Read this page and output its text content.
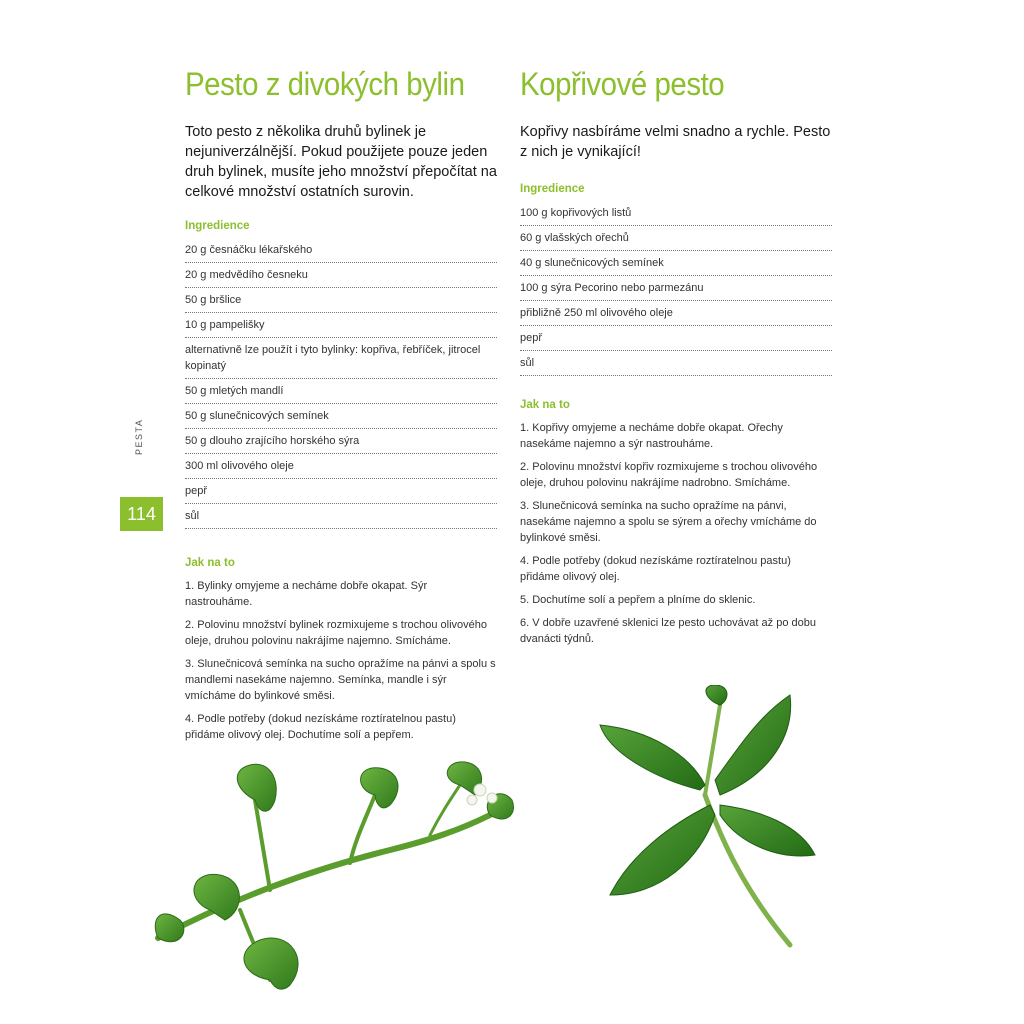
PESTA
114
Pesto z divokých bylin

Toto pesto z několika druhů bylinek je nejuniverzálnější. Pokud použijete pouze jeden druh bylinek, musíte jeho množství přepočítat na celkové množství ostatních surovin.

Ingredience
20 g česnáčku lékařského
20 g medvědího česneku
50 g bršlice
10 g pampelišky
alternativně lze použít i tyto bylinky: kopřiva, řebříček, jitrocel kopinatý
50 g mletých mandlí
50 g slunečnicových semínek
50 g dlouho zrajícího horského sýra
300 ml olivového oleje
pepř
sůl
Jak na to

1. Bylinky omyjeme a necháme dobře okapat. Sýr nastrouháme.

2. Polovinu množství bylinek rozmixujeme s trochou olivového oleje, druhou polovinu nakrájíme najemno. Smícháme.

3. Slunečnicová semínka na sucho opražíme na pánvi a spolu s mandlemi nasekáme najemno. Semínka, mandle i sýr vmícháme do bylinkové směsi.

4. Podle potřeby (dokud nezískáme roztíratelnou pastu) přidáme olivový olej. Dochutíme solí a pepřem.

Kopřivové pesto

Kopřivy nasbíráme velmi snadno a rychle. Pesto z nich je vynikající!

Ingredience
100 g kopřivových listů
60 g vlašských ořechů
40 g slunečnicových semínek
100 g sýra Pecorino nebo parmezánu
přibližně 250 ml olivového oleje
pepř
sůl
Jak na to

1. Kopřivy omyjeme a necháme dobře okapat. Ořechy nasekáme najemno a sýr nastrouháme.

2. Polovinu množství kopřiv rozmixujeme s trochou olivového oleje, druhou polovinu nakrájíme nadrobno. Smícháme.

3. Slunečnicová semínka na sucho opražíme na pánvi, nasekáme najemno a spolu se sýrem a ořechy vmícháme do bylinkové směsi.

4. Podle potřeby (dokud nezískáme roztíratelnou pastu) přidáme olivový olej.

5. Dochutíme solí a pepřem a plníme do sklenic.

6. V dobře uzavřené sklenici lze pesto uchovávat až po dobu dvanácti týdnů.
